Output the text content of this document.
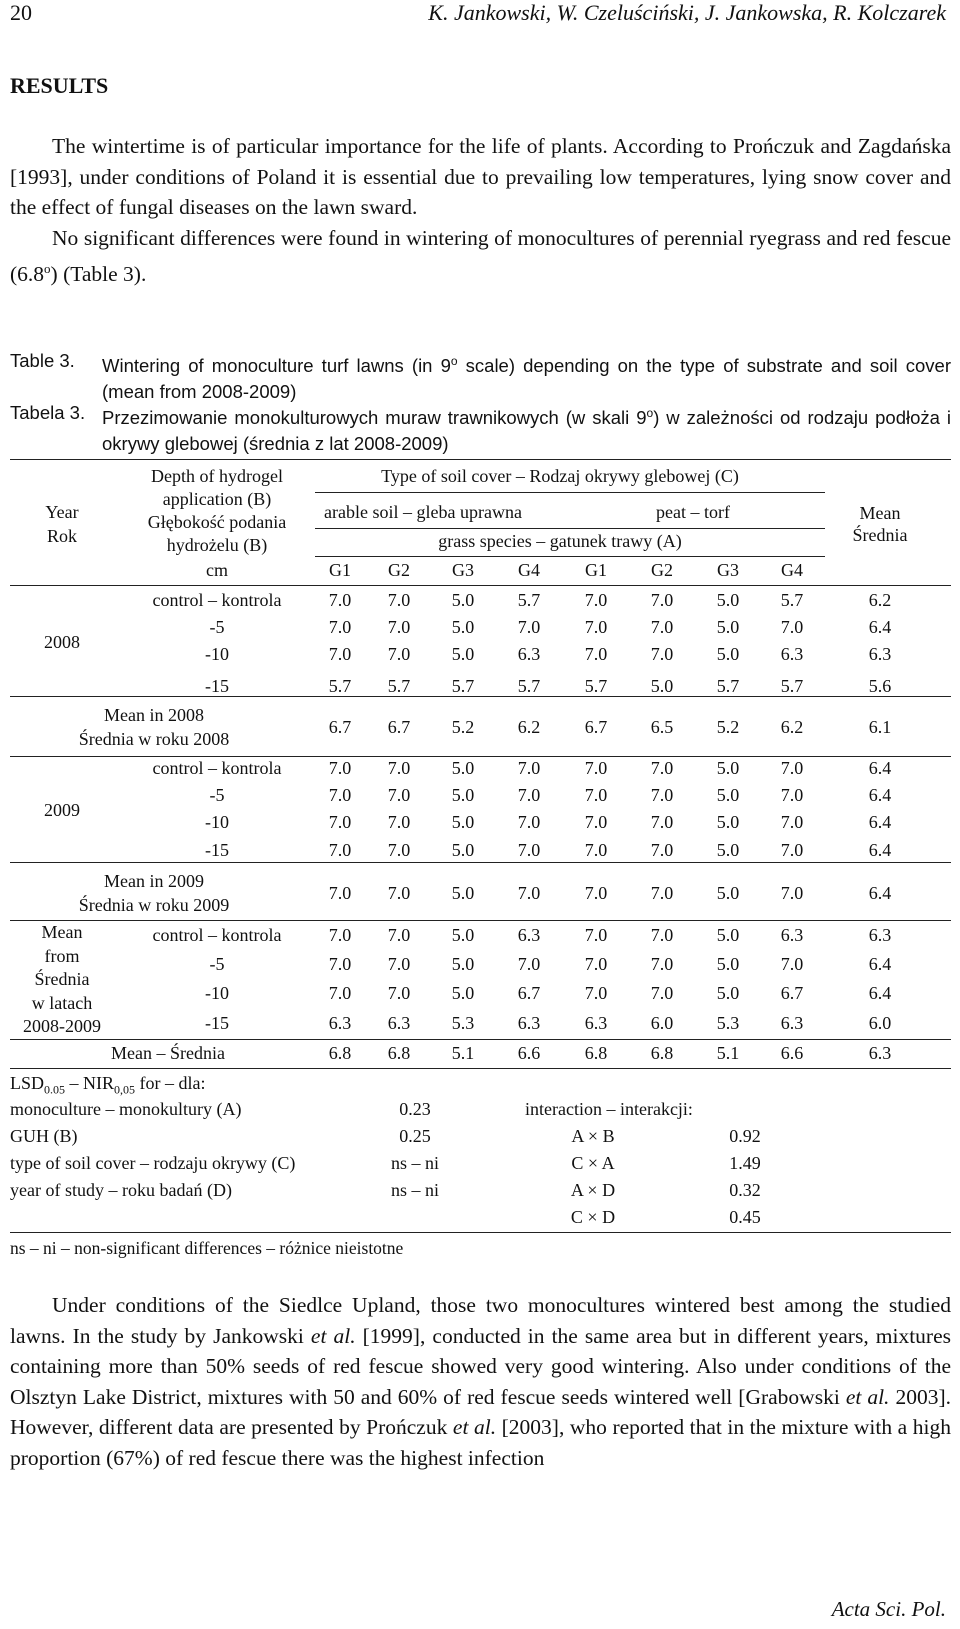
20	K. Jankowski, W. Czeluściński, J. Jankowska, R. Kolczarek
RESULTS
The wintertime is of particular importance for the life of plants. According to Prończuk and Zagdańska [1993], under conditions of Poland it is essential due to prevailing low temperatures, lying snow cover and the effect of fungal diseases on the lawn sward.
No significant differences were found in wintering of monocultures of perennial ryegrass and red fescue (6.8$^o$) (Table 3).
Table 3. Wintering of monoculture turf lawns (in 9$^o$ scale) depending on the type of substrate and soil cover (mean from 2008-2009)
Tabela 3. Przezimowanie monokulturowych muraw trawnikowych (w skali 9$^o$) w zależności od rodzaju podłoża i okrywy glebowej (średnia z lat 2008-2009)
Year
Rok
Depth of hydrogel
application (B)
Głębokość podania
hydrożelu (B)
cm
Type of soil cover – Rodzaj okrywy glebowej (C)
arable soil – gleba uprawna	peat – torf
grass species – gatunek trawy (A)
Mean
Średnia
G1 G2 G3 G4	G1 G2 G3 G4
2008
control – kontrola	7.0 7.0 5.0 5.7 7.0 7.0 5.0 5.7	6.2
-5	7.0 7.0 5.0 7.0 7.0 7.0 5.0 7.0	6.4
-10	7.0 7.0 5.0 6.3 7.0 7.0 5.0 6.3	6.3
-15	5.7 5.7 5.7 5.7 5.7 5.0 5.7 5.7	5.6
Mean in 2008
Średnia w roku 2008
6.7 6.7 5.2 6.2 6.7 6.5 5.2 6.2	6.1
2009
control – kontrola	7.0 7.0 5.0 7.0 7.0 7.0 5.0 7.0	6.4
-5	7.0 7.0 5.0 7.0 7.0 7.0 5.0 7.0	6.4
-10	7.0 7.0 5.0 7.0 7.0 7.0 5.0 7.0	6.4
-15	7.0 7.0 5.0 7.0 7.0 7.0 5.0 7.0	6.4
Mean in 2009
Średnia w roku 2009
7.0 7.0 5.0 7.0 7.0 7.0 5.0 7.0	6.4
Mean
from
Średnia
w latach
2008-2009
control – kontrola	7.0 7.0 5.0 6.3 7.0 7.0 5.0 6.3	6.3
-5	7.0 7.0 5.0 7.0 7.0 7.0 5.0 7.0	6.4
-10	7.0 7.0 5.0 6.7 7.0 7.0 5.0 6.7	6.4
-15	6.3 6.3 5.3 6.3 6.3 6.0 5.3 6.3	6.0
Mean – Średnia	6.8 6.8 5.1 6.6 6.8 6.8 5.1 6.6	6.3
$LSD_{0.05} - NIR_{0,05}$ for – dla:
interaction – interakcji:
monoculture – monokultury (A)	0.23
GUH (B)	0.25
type of soil cover – rodzaju okrywy (C)	ns – ni
year of study – roku badań (D)	ns – ni
A × B	0.92
C × A	1.49
A × D	0.32
C × D	0.45
Under conditions of the Siedlce Upland, those two monocultures wintered best among the studied lawns. In the study by Jankowski et al. [1999], conducted in the same area but in different years, mixtures containing more than 50% seeds of red fescue showed very good wintering. Also under conditions of the Olsztyn Lake District, mixtures with 50 and 60% of red fescue seeds wintered well [Grabowski et al. 2003]. However, different data are presented by Prończuk et al. [2003], who reported that in the mixture with a high proportion (67%) of red fescue there was the highest infection
Acta Sci. Pol.
ns – ni – non-significant differences – różnice nieistotne
